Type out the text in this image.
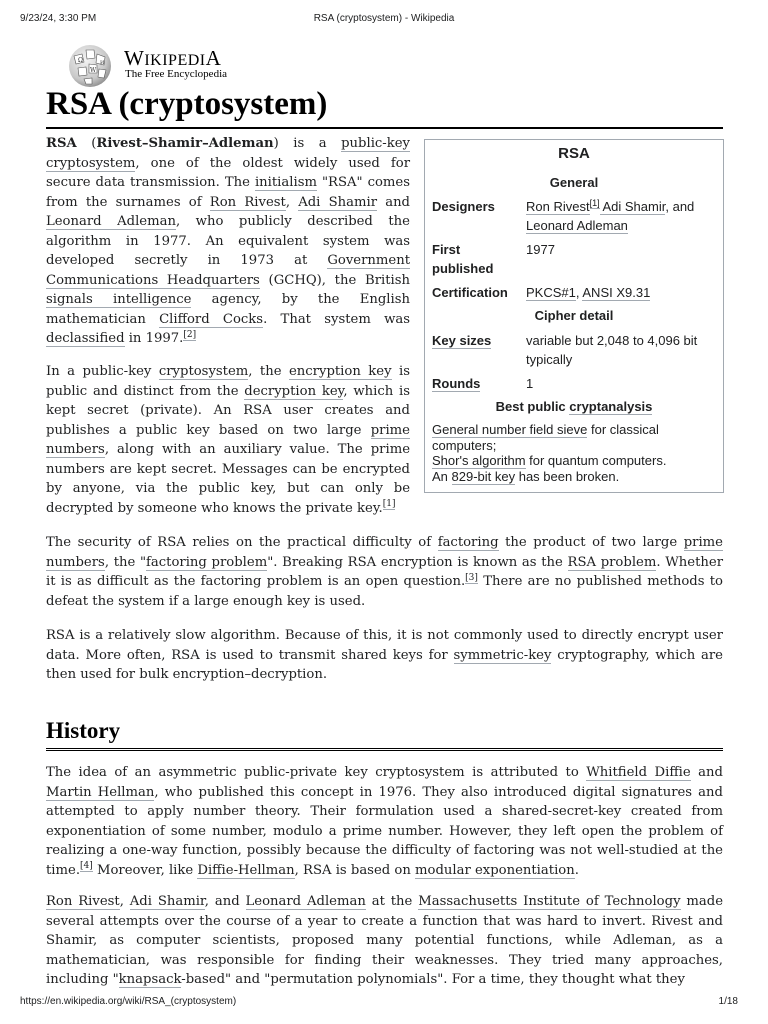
9/23/24, 3:30 PM	RSA (cryptosystem) - Wikipedia
Ω
W
И WIKIPEDIA
The Free Encyclopedia
RSA (cryptosystem)
RSA (Rivest–Shamir–Adleman) is a public-key cryptosystem, one of the oldest widely used for secure data transmission. The initialism "RSA" comes from the surnames of Ron Rivest, Adi Shamir and Leonard Adleman, who publicly described the algorithm in 1977. An equivalent system was developed secretly in 1973 at Government Communications Headquarters (GCHQ), the British signals intelligence agency, by the English mathematician Clifford Cocks. That system was declassified in 1997.[2]
In a public-key cryptosystem, the encryption key is public and distinct from the decryption key, which is kept secret (private). An RSA user creates and publishes a public key based on two large prime numbers, along with an auxiliary value. The prime numbers are kept secret. Messages can be encrypted by anyone, via the public key, but can only be decrypted by someone who knows the private key.[1]
RSA
General
Designers Ron Rivest[1] Adi Shamir, and Leonard Adleman
First
published
1977
Certification PKCS#1, ANSI X9.31
Cipher detail
Key sizes	variable but 2,048 to 4,096 bit typically
Rounds	1
Best public cryptanalysis
General number field sieve for classical computers;
Shor's algorithm for quantum computers.
An 829-bit key has been broken.
The security of RSA relies on the practical difficulty of factoring the product of two large prime numbers, the "factoring problem". Breaking RSA encryption is known as the RSA problem. Whether it is as difficult as the factoring problem is an open question.[3] There are no published methods to defeat the system if a large enough key is used.
RSA is a relatively slow algorithm. Because of this, it is not commonly used to directly encrypt user data. More often, RSA is used to transmit shared keys for symmetric-key cryptography, which are then used for bulk encryption–decryption.
History
The idea of an asymmetric public-private key cryptosystem is attributed to Whitfield Diffie and Martin Hellman, who published this concept in 1976. They also introduced digital signatures and attempted to apply number theory. Their formulation used a shared-secret-key created from exponentiation of some number, modulo a prime number. However, they left open the problem of realizing a one-way function, possibly because the difficulty of factoring was not well-studied at the time.[4] Moreover, like Diffie-Hellman, RSA is based on modular exponentiation.
Ron Rivest, Adi Shamir, and Leonard Adleman at the Massachusetts Institute of Technology made several attempts over the course of a year to create a function that was hard to invert. Rivest and Shamir, as computer scientists, proposed many potential functions, while Adleman, as a mathematician, was responsible for finding their weaknesses. They tried many approaches, including "knapsack-based" and "permutation polynomials". For a time, they thought what they
https://en.wikipedia.org/wiki/RSA_(cryptosystem)	1/18
